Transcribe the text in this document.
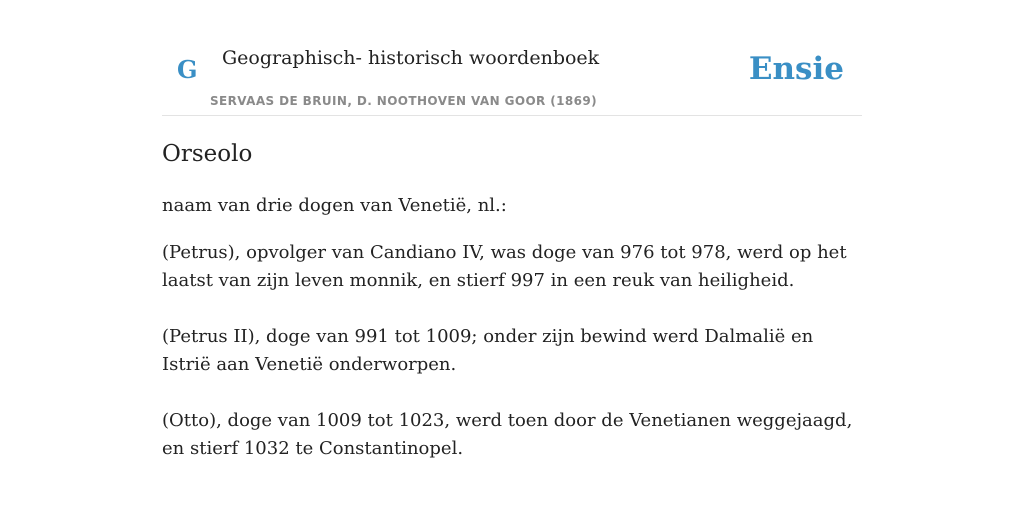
G Geographisch- historisch woordenboek
SERVAAS DE BRUIN, D. NOOTHOVEN VAN GOOR (1869)
Ensie
Orseolo

naam van drie dogen van Venetië, nl.:

(Petrus), opvolger van Candiano IV, was doge van 976 tot 978, werd op het laatst van zijn leven monnik, en stierf 997 in een reuk van heiligheid.

(Petrus II), doge van 991 tot 1009; onder zijn bewind werd Dalmalië en Istrië aan Venetië onderworpen.

(Otto), doge van 1009 tot 1023, werd toen door de Venetianen weggejaagd, en stierf 1032 te Constantinopel.
